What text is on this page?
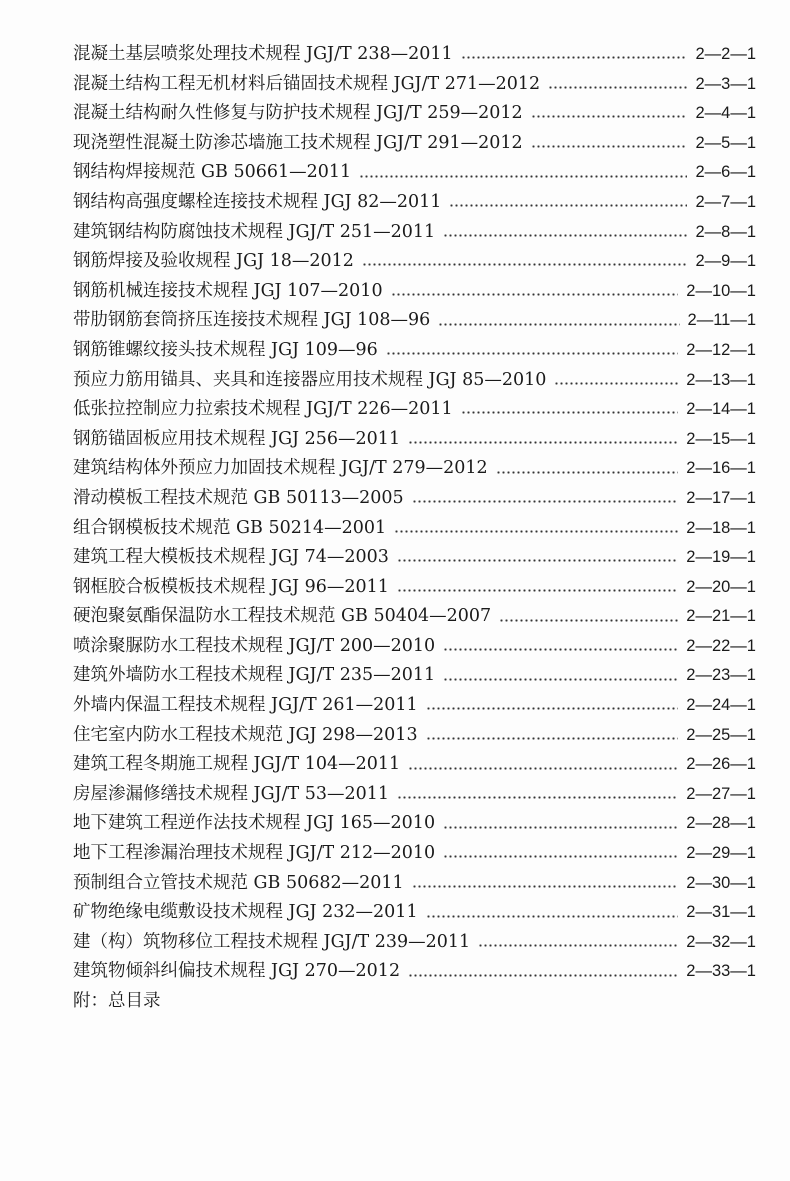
混凝土基层喷浆处理技术规程 JGJ/T 238—2011	2—2—1
混凝土结构工程无机材料后锚固技术规程 JGJ/T 271—2012	2—3—1
混凝土结构耐久性修复与防护技术规程 JGJ/T 259—2012	2—4—1
现浇塑性混凝土防渗芯墙施工技术规程 JGJ/T 291—2012	2—5—1
钢结构焊接规范 GB 50661—2011	2—6—1
钢结构高强度螺栓连接技术规程 JGJ 82—2011	2—7—1
建筑钢结构防腐蚀技术规程 JGJ/T 251—2011	2—8—1
钢筋焊接及验收规程 JGJ 18—2012	2—9—1
钢筋机械连接技术规程 JGJ 107—2010	2—10—1
带肋钢筋套筒挤压连接技术规程 JGJ 108—96	2—11—1
钢筋锥螺纹接头技术规程 JGJ 109—96	2—12—1
预应力筋用锚具、夹具和连接器应用技术规程 JGJ 85—2010	2—13—1
低张拉控制应力拉索技术规程 JGJ/T 226—2011	2—14—1
钢筋锚固板应用技术规程 JGJ 256—2011	2—15—1
建筑结构体外预应力加固技术规程 JGJ/T 279—2012	2—16—1
滑动模板工程技术规范 GB 50113—2005	2—17—1
组合钢模板技术规范 GB 50214—2001	2—18—1
建筑工程大模板技术规程 JGJ 74—2003	2—19—1
钢框胶合板模板技术规程 JGJ 96—2011	2—20—1
硬泡聚氨酯保温防水工程技术规范 GB 50404—2007	2—21—1
喷涂聚脲防水工程技术规程 JGJ/T 200—2010	2—22—1
建筑外墙防水工程技术规程 JGJ/T 235—2011	2—23—1
外墙内保温工程技术规程 JGJ/T 261—2011	2—24—1
住宅室内防水工程技术规范 JGJ 298—2013	2—25—1
建筑工程冬期施工规程 JGJ/T 104—2011	2—26—1
房屋渗漏修缮技术规程 JGJ/T 53—2011	2—27—1
地下建筑工程逆作法技术规程 JGJ 165—2010	2—28—1
地下工程渗漏治理技术规程 JGJ/T 212—2010	2—29—1
预制组合立管技术规范 GB 50682—2011	2—30—1
矿物绝缘电缆敷设技术规程 JGJ 232—2011	2—31—1
建（构）筑物移位工程技术规程 JGJ/T 239—2011	2—32—1
建筑物倾斜纠偏技术规程 JGJ 270—2012	2—33—1
附：总目录
